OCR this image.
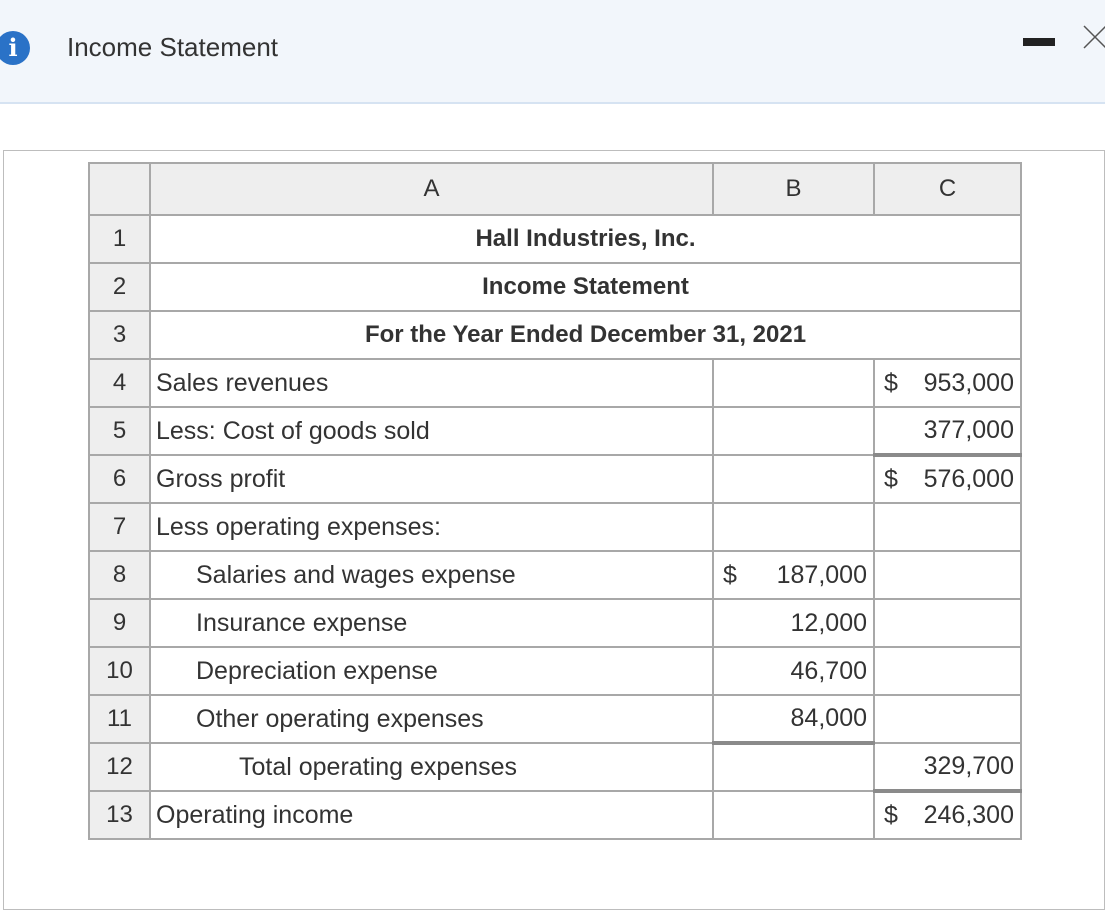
i	Income Statement
	A	B	C
1	Hall Industries, Inc.		
2	Income Statement		
3	For the Year Ended December 31, 2021		
4	Sales revenues		$ 953,000
5	Less: Cost of goods sold		377,000
6	Gross profit		$ 576,000
7	Less operating expenses:		
8	Salaries and wages expense	$ 187,000	
9	Insurance expense	12,000	
10	Depreciation expense	46,700	
11	Other operating expenses	84,000	
12	Total operating expenses		329,700
13	Operating income		$ 246,300
